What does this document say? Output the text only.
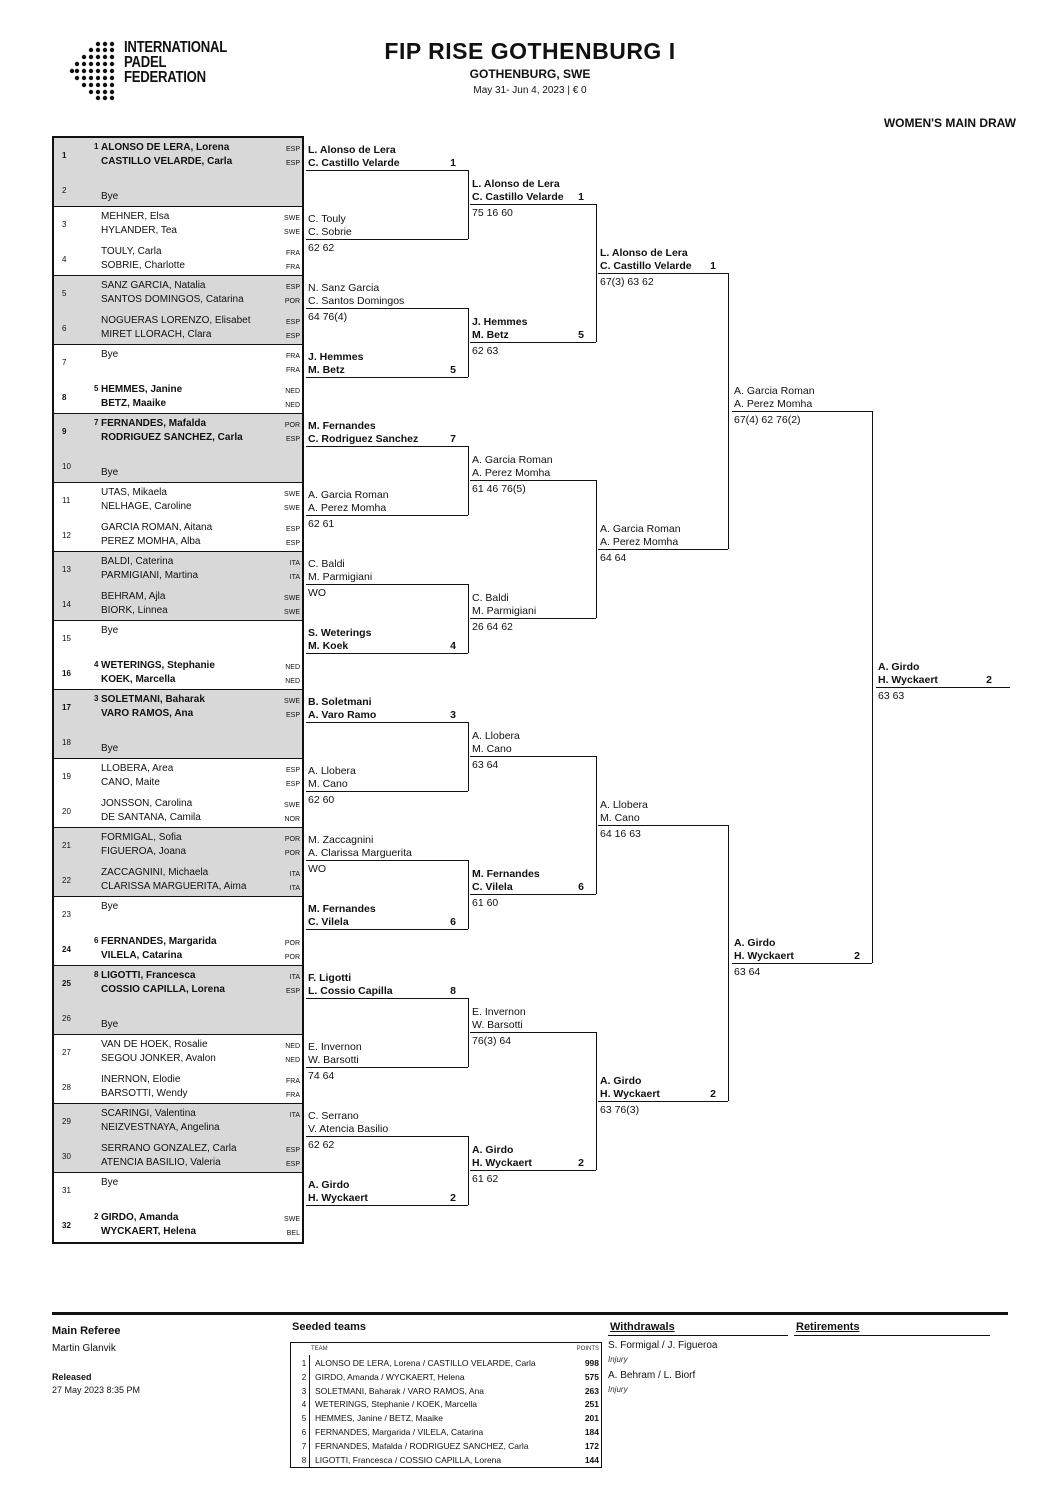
INTERNATIONAL
PADEL
FEDERATION
FIP RISE GOTHENBURG I
GOTHENBURG, SWE
May 31- Jun 4, 2023 | € 0
WOMEN'S MAIN DRAW
1
1 ALONSO DE LERA, Lorena	ESP
CASTILLO VELARDE, Carla	ESP
2
Bye
3
MEHNER, Elsa	SWE
HYLANDER, Tea	SWE
4
TOULY, Carla	FRA
SOBRIE, Charlotte	FRA
5
SANZ GARCIA, Natalia	ESP
SANTOS DOMINGOS, Catarina	POR
6
NOGUERAS LORENZO, Elisabet	ESP
MIRET LLORACH, Clara	ESP
7
Bye	FRA
FRA
8
5 HEMMES, Janine	NED
BETZ, Maaike	NED
9
7 FERNANDES, Mafalda	POR
RODRIGUEZ SANCHEZ, Carla	ESP
10
Bye
11
UTAS, Mikaela	SWE
NELHAGE, Caroline	SWE
12
GARCIA ROMAN, Aitana	ESP
PEREZ MOMHA, Alba	ESP
13
BALDI, Caterina	ITA
PARMIGIANI, Martina	ITA
14
BEHRAM, Ajla	SWE
BIORK, Linnea	SWE
15
Bye
16
4 WETERINGS, Stephanie	NED
KOEK, Marcella	NED
17
3 SOLETMANI, Baharak	SWE
VARO RAMOS, Ana	ESP
18
Bye
19
LLOBERA, Area	ESP
CANO, Maite	ESP
20
JONSSON, Carolina	SWE
DE SANTANA, Camila	NOR
21
FORMIGAL, Sofia	POR
FIGUEROA, Joana	POR
22
ZACCAGNINI, Michaela	ITA
CLARISSA MARGUERITA, Aima	ITA
23
Bye
24
6 FERNANDES, Margarida	POR
VILELA, Catarina	POR
25
8 LIGOTTI, Francesca	ITA
COSSIO CAPILLA, Lorena	ESP
26
Bye
27
VAN DE HOEK, Rosalie	NED
SEGOU JONKER, Avalon	NED
28
INERNON, Elodie	FRA
BARSOTTI, Wendy	FRA
29
SCARINGI, Valentina	ITA
NEIZVESTNAYA, Angelina
30
SERRANO GONZALEZ, Carla	ESP
ATENCIA BASILIO, Valeria	ESP
31
Bye
32
2 GIRDO, Amanda	SWE
WYCKAERT, Helena	BEL
L. Alonso de Lera
C. Castillo Velarde	1
C. Touly
C. Sobrie
62 62
N. Sanz Garcia
C. Santos Domingos
64 76(4)
J. Hemmes
M. Betz	5
M. Fernandes
C. Rodriguez Sanchez	7
A. Garcia Roman
A. Perez Momha
62 61
C. Baldi
M. Parmigiani
WO
S. Weterings
M. Koek	4
B. Soletmani
A. Varo Ramo	3
A. Llobera
M. Cano
62 60
M. Zaccagnini
A. Clarissa Marguerita
WO
M. Fernandes
C. Vilela	6
F. Ligotti
L. Cossio Capilla	8
E. Invernon
W. Barsotti
74 64
C. Serrano
V. Atencia Basilio
62 62
A. Girdo
H. Wyckaert	2
L. Alonso de Lera
C. Castillo Velarde	1
75 16 60
J. Hemmes
M. Betz	5
62 63
A. Garcia Roman
A. Perez Momha
61 46 76(5)
C. Baldi
M. Parmigiani
26 64 62
A. Llobera
M. Cano
63 64
M. Fernandes
C. Vilela	6
61 60
E. Invernon
W. Barsotti
76(3) 64
A. Girdo
H. Wyckaert	2
61 62
L. Alonso de Lera
C. Castillo Velarde	1
67(3) 63 62
A. Garcia Roman
A. Perez Momha
64 64
A. Llobera
M. Cano
64 16 63
A. Girdo
H. Wyckaert	2
63 76(3)
A. Garcia Roman
A. Perez Momha
67(4) 62 76(2)
A. Girdo
H. Wyckaert	2
63 64
A. Girdo
H. Wyckaert	2
63 63
Main Referee
Martin Glanvik
Released
27 May 2023 8:35 PM
Seeded teams
TEAM	POINTS
1	ALONSO DE LERA, Lorena / CASTILLO VELARDE, Carla	998
2	GIRDO, Amanda / WYCKAERT, Helena	575
3	SOLETMANI, Baharak / VARO RAMOS, Ana	263
4	WETERINGS, Stephanie / KOEK, Marcella	251
5	HEMMES, Janine / BETZ, Maaike	201
6	FERNANDES, Margarida / VILELA, Catarina	184
7	FERNANDES, Mafalda / RODRIGUEZ SANCHEZ, Carla	172
8	LIGOTTI, Francesca / COSSIO CAPILLA, Lorena	144
Withdrawals
S. Formigal / J. Figueroa
Injury
A. Behram / L. Biorf
Injury
Retirements
